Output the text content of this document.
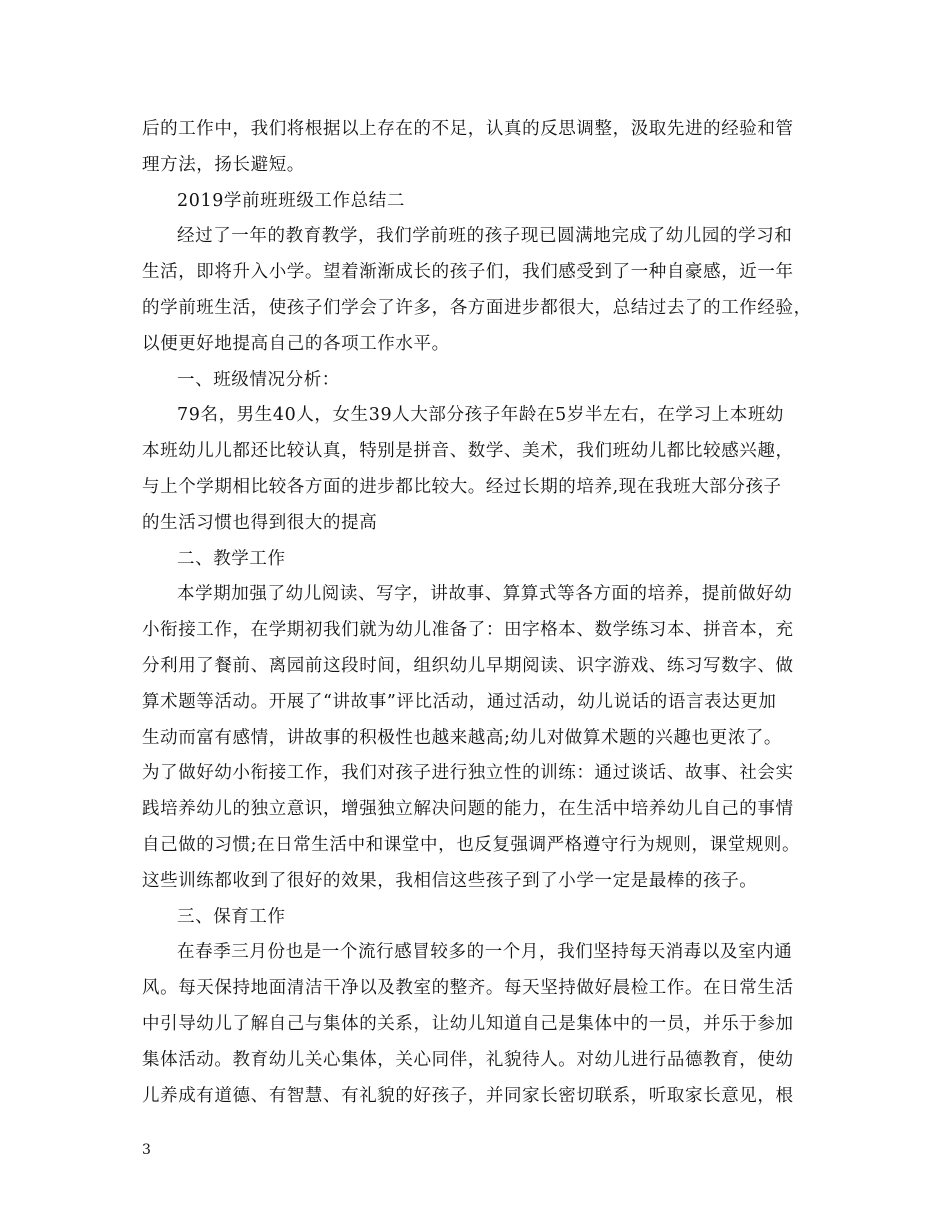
后的工作中，我们将根据以上存在的不足，认真的反思调整，汲取先进的经验和管
理方法，扬长避短。
2019学前班班级工作总结二
经过了一年的教育教学，我们学前班的孩子现已圆满地完成了幼儿园的学习和
生活，即将升入小学。望着渐渐成长的孩子们，我们感受到了一种自豪感，近一年
的学前班生活，使孩子们学会了许多，各方面进步都很大，总结过去了的工作经验，
以便更好地提高自己的各项工作水平。
一、班级情况分析：
79名，男生40人，女生39人大部分孩子年龄在5岁半左右，在学习上本班幼
本班幼儿儿都还比较认真，特别是拼音、数学、美术，我们班幼儿都比较感兴趣，
与上个学期相比较各方面的进步都比较大。经过长期的培养,现在我班大部分孩子
的生活习惯也得到很大的提高
二、教学工作
本学期加强了幼儿阅读、写字，讲故事、算算式等各方面的培养，提前做好幼
小衔接工作，在学期初我们就为幼儿准备了：田字格本、数学练习本、拼音本，充
分利用了餐前、离园前这段时间，组织幼儿早期阅读、识字游戏、练习写数字、做
算术题等活动。开展了“讲故事”评比活动，通过活动，幼儿说话的语言表达更加
生动而富有感情，讲故事的积极性也越来越高;幼儿对做算术题的兴趣也更浓了。
为了做好幼小衔接工作，我们对孩子进行独立性的训练：通过谈话、故事、社会实
践培养幼儿的独立意识，增强独立解决问题的能力，在生活中培养幼儿自己的事情
自己做的习惯;在日常生活中和课堂中，也反复强调严格遵守行为规则，课堂规则。
这些训练都收到了很好的效果，我相信这些孩子到了小学一定是最棒的孩子。
三、保育工作
在春季三月份也是一个流行感冒较多的一个月，我们坚持每天消毒以及室内通
风。每天保持地面清洁干净以及教室的整齐。每天坚持做好晨检工作。在日常生活
中引导幼儿了解自己与集体的关系，让幼儿知道自己是集体中的一员，并乐于参加
集体活动。教育幼儿关心集体，关心同伴，礼貌待人。对幼儿进行品德教育，使幼
儿养成有道德、有智慧、有礼貌的好孩子，并同家长密切联系，听取家长意见，根
3
